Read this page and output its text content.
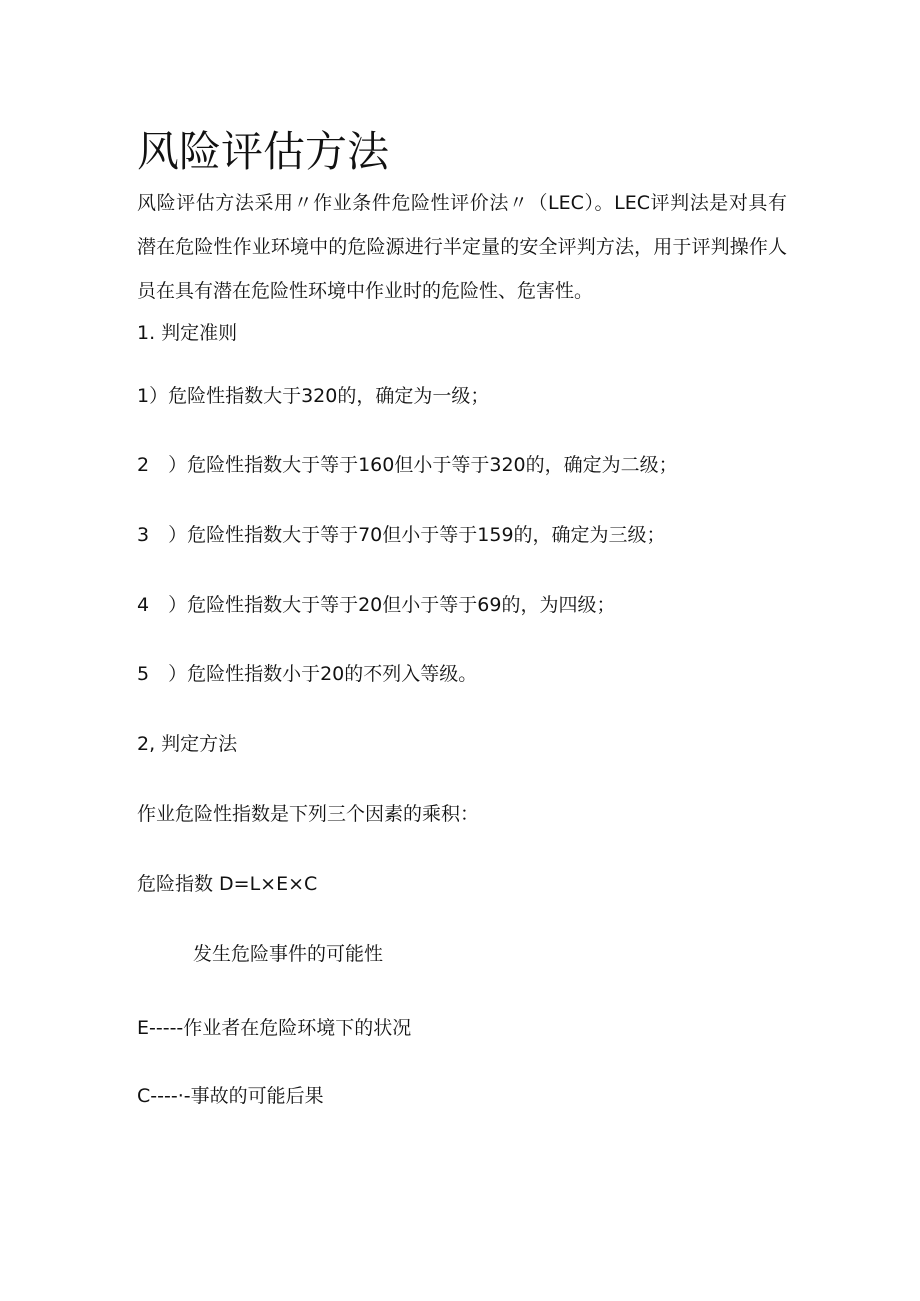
风险评估方法
风险评估方法采用〃作业条件危险性评价法〃（LEC）。LEC评判法是对具有潜在危险性作业环境中的危险源进行半定量的安全评判方法，用于评判操作人员在具有潜在危险性环境中作业时的危险性、危害性。
1. 判定准则
1）危险性指数大于320的，确定为一级；
2　）危险性指数大于等于160但小于等于320的，确定为二级；
3　）危险性指数大于等于70但小于等于159的，确定为三级；
4　）危险性指数大于等于20但小于等于69的，为四级；
5　）危险性指数小于20的不列入等级。
2, 判定方法
作业危险性指数是下列三个因素的乘积：
危险指数 D=L×E×C
发生危险事件的可能性
E-----作业者在危险环境下的状况
C----·-事故的可能后果
